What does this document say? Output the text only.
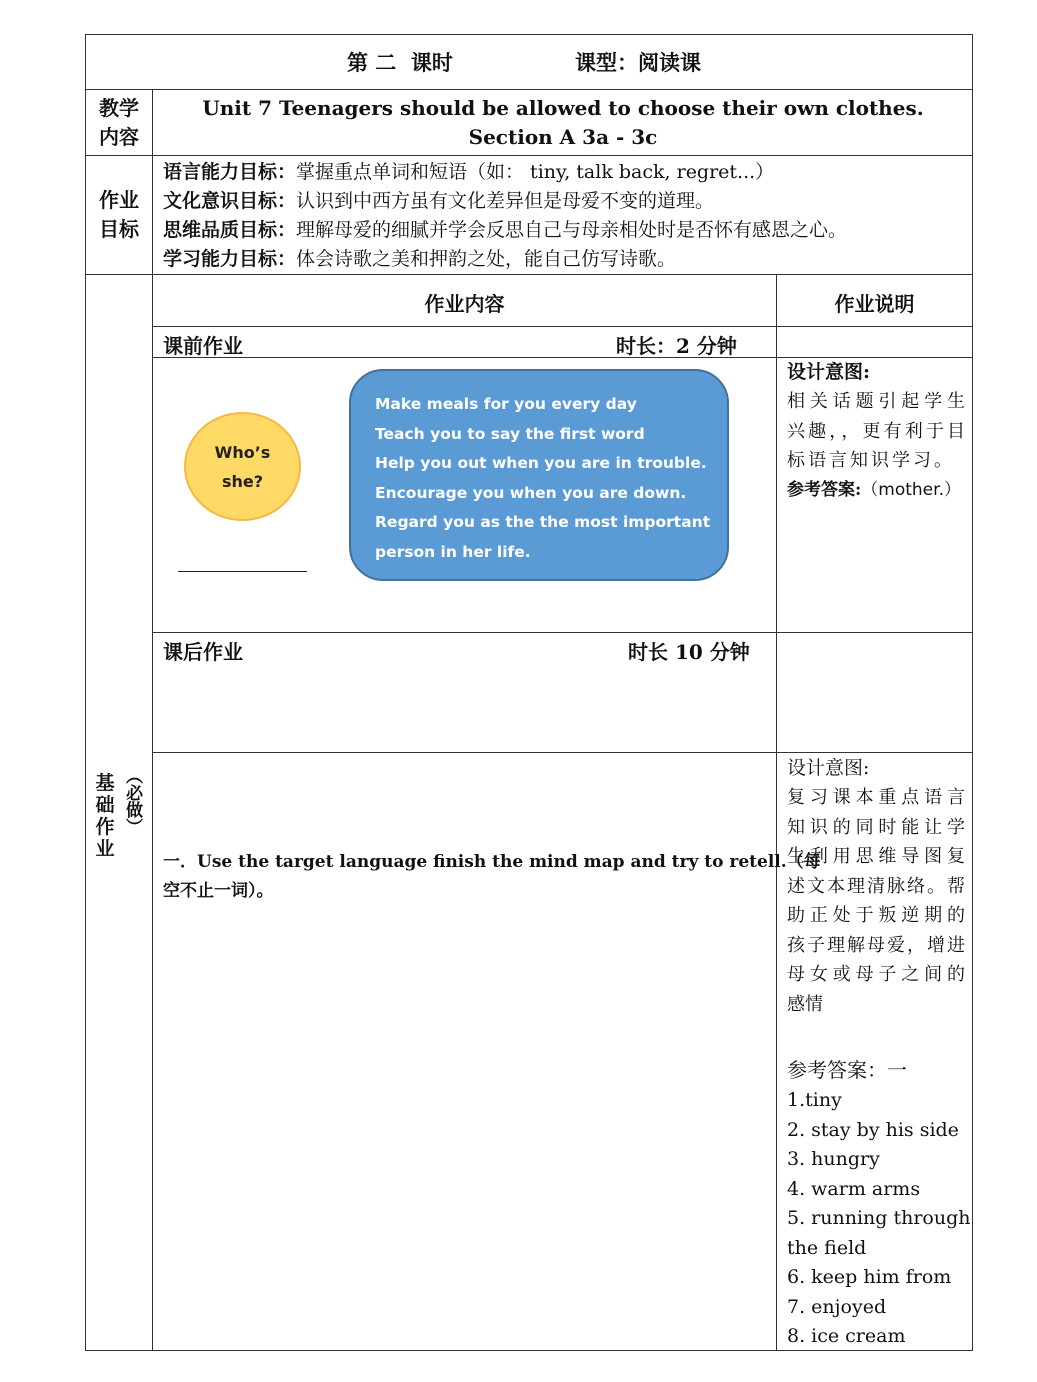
第 二  课时	课型：阅读课
教学
内容
Unit 7 Teenagers should be allowed to choose their own clothes.
Section A 3a - 3c
作业
目标
语言能力目标：掌握重点单词和短语（如： tiny, talk back, regret...）
文化意识目标：认识到中西方虽有文化差异但是母爱不变的道理。
思维品质目标：理解母爱的细腻并学会反思自己与母亲相处时是否怀有感恩之心。
学习能力目标：体会诗歌之美和押韵之处，能自己仿写诗歌。
基础作业
（必做）
作业内容	作业说明
课前作业	时长：2 分钟
Who’s
she?
Make meals for you every day
Teach you to say the first word
Help you out when you are in trouble.
Encourage you when you are down.
Regard you as the the most important
person in her life.
设计意图:
相关话题引起学生
兴趣，，更有利于目
标语言知识学习。
参考答案:（mother.）
课后作业	时长 10 分钟
一．Use the target language finish the mind map and try to retell.（每
空不止一词）。
设计意图:
复习课本重点语言
知识的同时能让学
生利用思维导图复
述文本理清脉络。帮
助正处于叛逆期的
孩子理解母爱，增进
母女或母子之间的
感情
参考答案：一
1.tiny
2. stay by his side
3. hungry
4. warm arms
5. running through
the field
6. keep him from
7. enjoyed
8. ice cream
